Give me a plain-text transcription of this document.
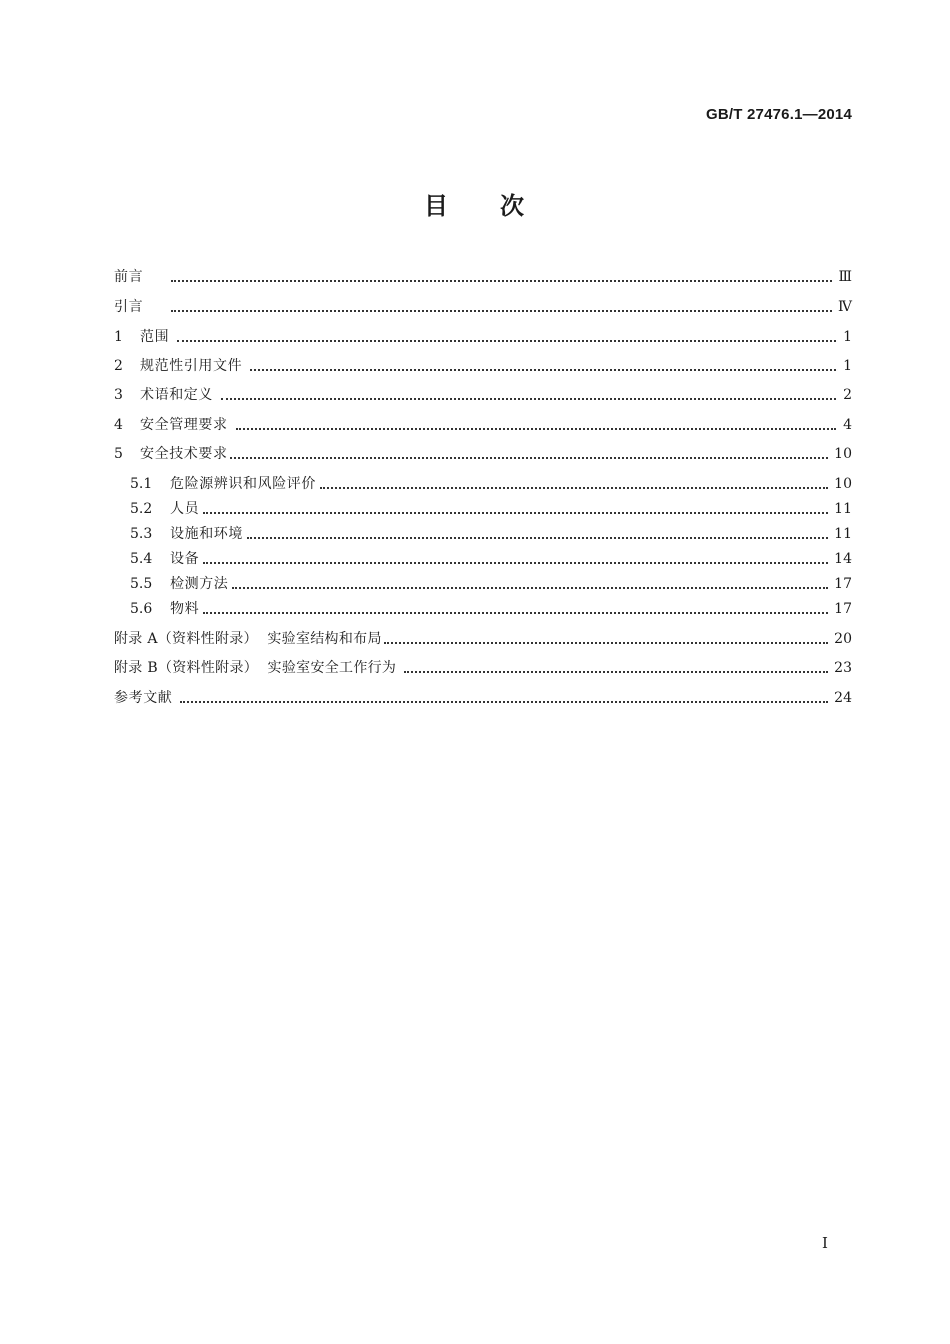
GB/T 27476.1—2014
目 次
前言	Ⅲ
引言	Ⅳ
1	范围	1
2	规范性引用文件	1
3	术语和定义	2
4	安全管理要求	4
5	安全技术要求	10
5.1	危险源辨识和风险评价	10
5.2	人员	11
5.3	设施和环境	11
5.4	设备	14
5.5	检测方法	17
5.6	物料	17
附录 A（资料性附录）  实验室结构和布局	20
附录 B（资料性附录）  实验室安全工作行为	23
参考文献	24
I
